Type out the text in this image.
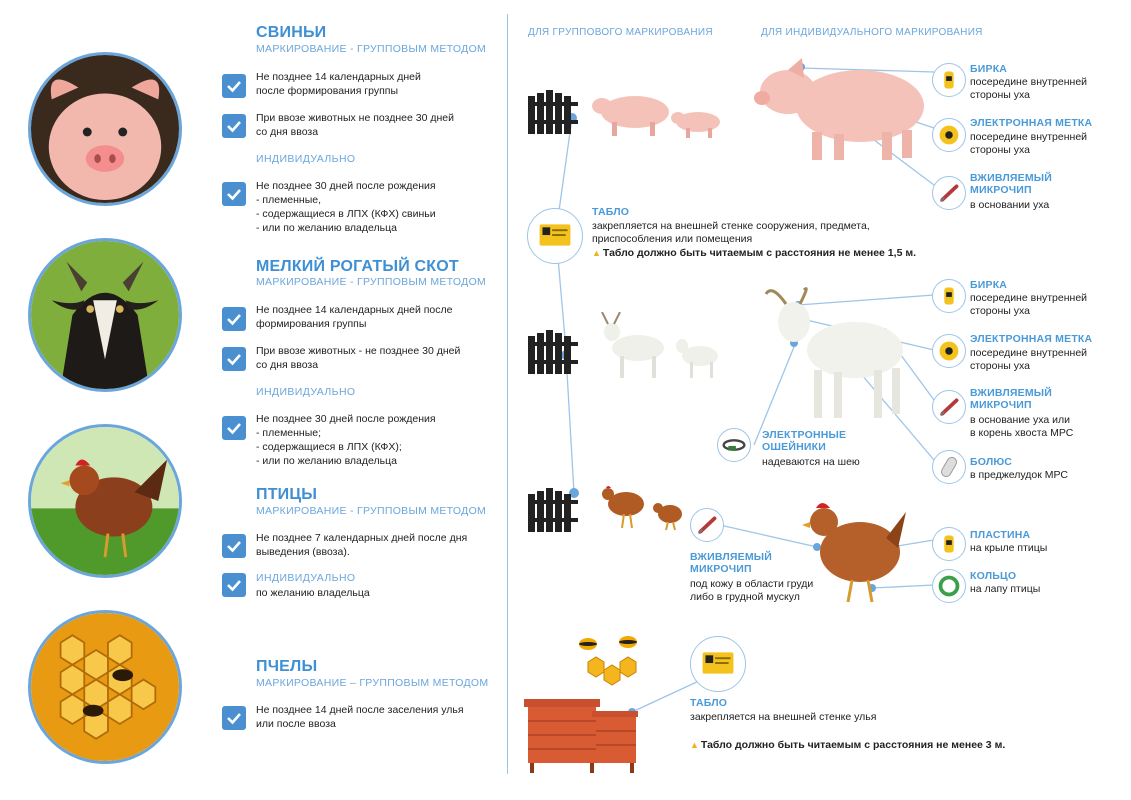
СВИНЬИ
МАРКИРОВАНИЕ - ГРУППОВЫМ МЕТОДОМ
Не позднее 14 календарных дней
после формирования группы
При ввозе животных не позднее 30 дней
со дня ввоза
ИНДИВИДУАЛЬНО
Не позднее 30 дней после рождения
- племенные,
- содержащиеся в ЛПХ (КФХ) свиньи
- или по желанию владельца
МЕЛКИЙ РОГАТЫЙ СКОТ
МАРКИРОВАНИЕ - ГРУППОВЫМ МЕТОДОМ
Не позднее 14 календарных дней после
формирования группы
При ввозе животных - не позднее 30 дней
со дня ввоза
ИНДИВИДУАЛЬНО
Не позднее 30 дней после рождения
- племенные;
- содержащиеся в ЛПХ (КФХ);
- или по желанию владельца
ПТИЦЫ
МАРКИРОВАНИЕ - ГРУППОВЫМ МЕТОДОМ
Не позднее 7 календарных дней после дня
выведения (ввоза).
ИНДИВИДУАЛЬНО
по желанию владельца
ПЧЕЛЫ
МАРКИРОВАНИЕ – ГРУППОВЫМ МЕТОДОМ
Не позднее 14 дней после заселения улья
или после ввоза
ДЛЯ ГРУППОВОГО МАРКИРОВАНИЯ	ДЛЯ ИНДИВИДУАЛЬНОГО МАРКИРОВАНИЯ
БИРКА
посередине внутренней
стороны уха
ЭЛЕКТРОННАЯ МЕТКА
посередине внутренней
стороны уха
ВЖИВЛЯЕМЫЙ
МИКРОЧИП
в основании уха
ТАБЛО
закрепляется на внешней стенке сооружения, предмета,
приспособления или помещения
▲ Табло должно быть читаемым с расстояния не менее 1,5 м.
ЭЛЕКТРОННЫЕ
ОШЕЙНИКИ
надеваются на шею
БИРКА
посередине внутренней
стороны уха
ЭЛЕКТРОННАЯ МЕТКА
посередине внутренней
стороны уха
ВЖИВЛЯЕМЫЙ
МИКРОЧИП
в основание уха или
в корень хвоста МРС
БОЛЮС
в преджелудок МРС
ВЖИВЛЯЕМЫЙ
МИКРОЧИП
под кожу в области груди
либо в грудной мускул
ПЛАСТИНА
на крыле птицы
КОЛЬЦО
на лапу птицы
ТАБЛО
закрепляется на внешней стенке улья
▲ Табло должно быть читаемым с расстояния не менее 3 м.
